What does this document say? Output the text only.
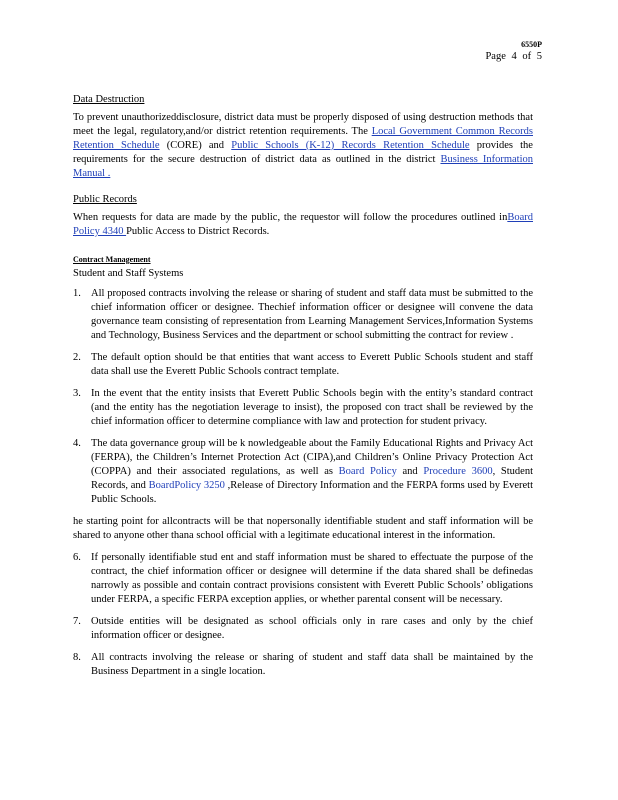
6550P
Page 4 of 5
Data Destruction

To prevent unauthorizeddisclosure, district data must be properly disposed of using destruction methods that meet the legal, regulatory,and/or district retention requirements. The Local Government Common Records Retention Schedule (CORE) and Public Schools (K-12) Records Retention Schedule provides the requirements for the secure destruction of district data as outlined in the district Business Information Manual .

Public Records

When requests for data are made by the public, the requestor will follow the procedures outlined inBoard Policy 4340 Public Access to District Records.

Contract Management
Student and Staff Systems
1. All proposed contracts involving the release or sharing of student and staff data must be submitted to the chief information officer or designee. Thechief information officer or designee will convene the data governance team consisting of representation from Learning Management Services,Information Systems and Technology, Business Services and the department or school submitting the contract for review .
2. The default option should be that entities that want access to Everett Public Schools student and staff data shall use the Everett Public Schools contract template.
3. In the event that the entity insists that Everett Public Schools begin with the entity’s standard contract (and the entity has the negotiation leverage to insist), the proposed con tract shall be reviewed by the chief information officer to determine compliance with law and protection for student privacy.
4. The data governance group will be k nowledgeable about the Family Educational Rights and Privacy Act (FERPA), the Children’s Internet Protection Act (CIPA),and Children’s Online Privacy Protection Act (COPPA) and their associated regulations, as well as Board Policy and Procedure 3600, Student Records, and BoardPolicy 3250 ,Release of Directory Information and the FERPA forms used by Everett Public Schools.
he starting point for allcontracts will be that nopersonally identifiable student and staff information will be shared to anyone other thana school official with a legitimate educational interest in the information.
6. If personally identifiable stud ent and staff information must be shared to effectuate the purpose of the contract, the chief information officer or designee will determine if the data shared shall be definedas narrowly as possible and contain contract provisions consistent with Everett Public Schools’ obligations under FERPA, a specific FERPA exception applies, or whether parental consent will be necessary.
7. Outside entities will be designated as school officials only in rare cases and only by the chief information officer or designee.
8. All contracts involving the release or sharing of student and staff data shall be maintained by the Business Department in a single location.
